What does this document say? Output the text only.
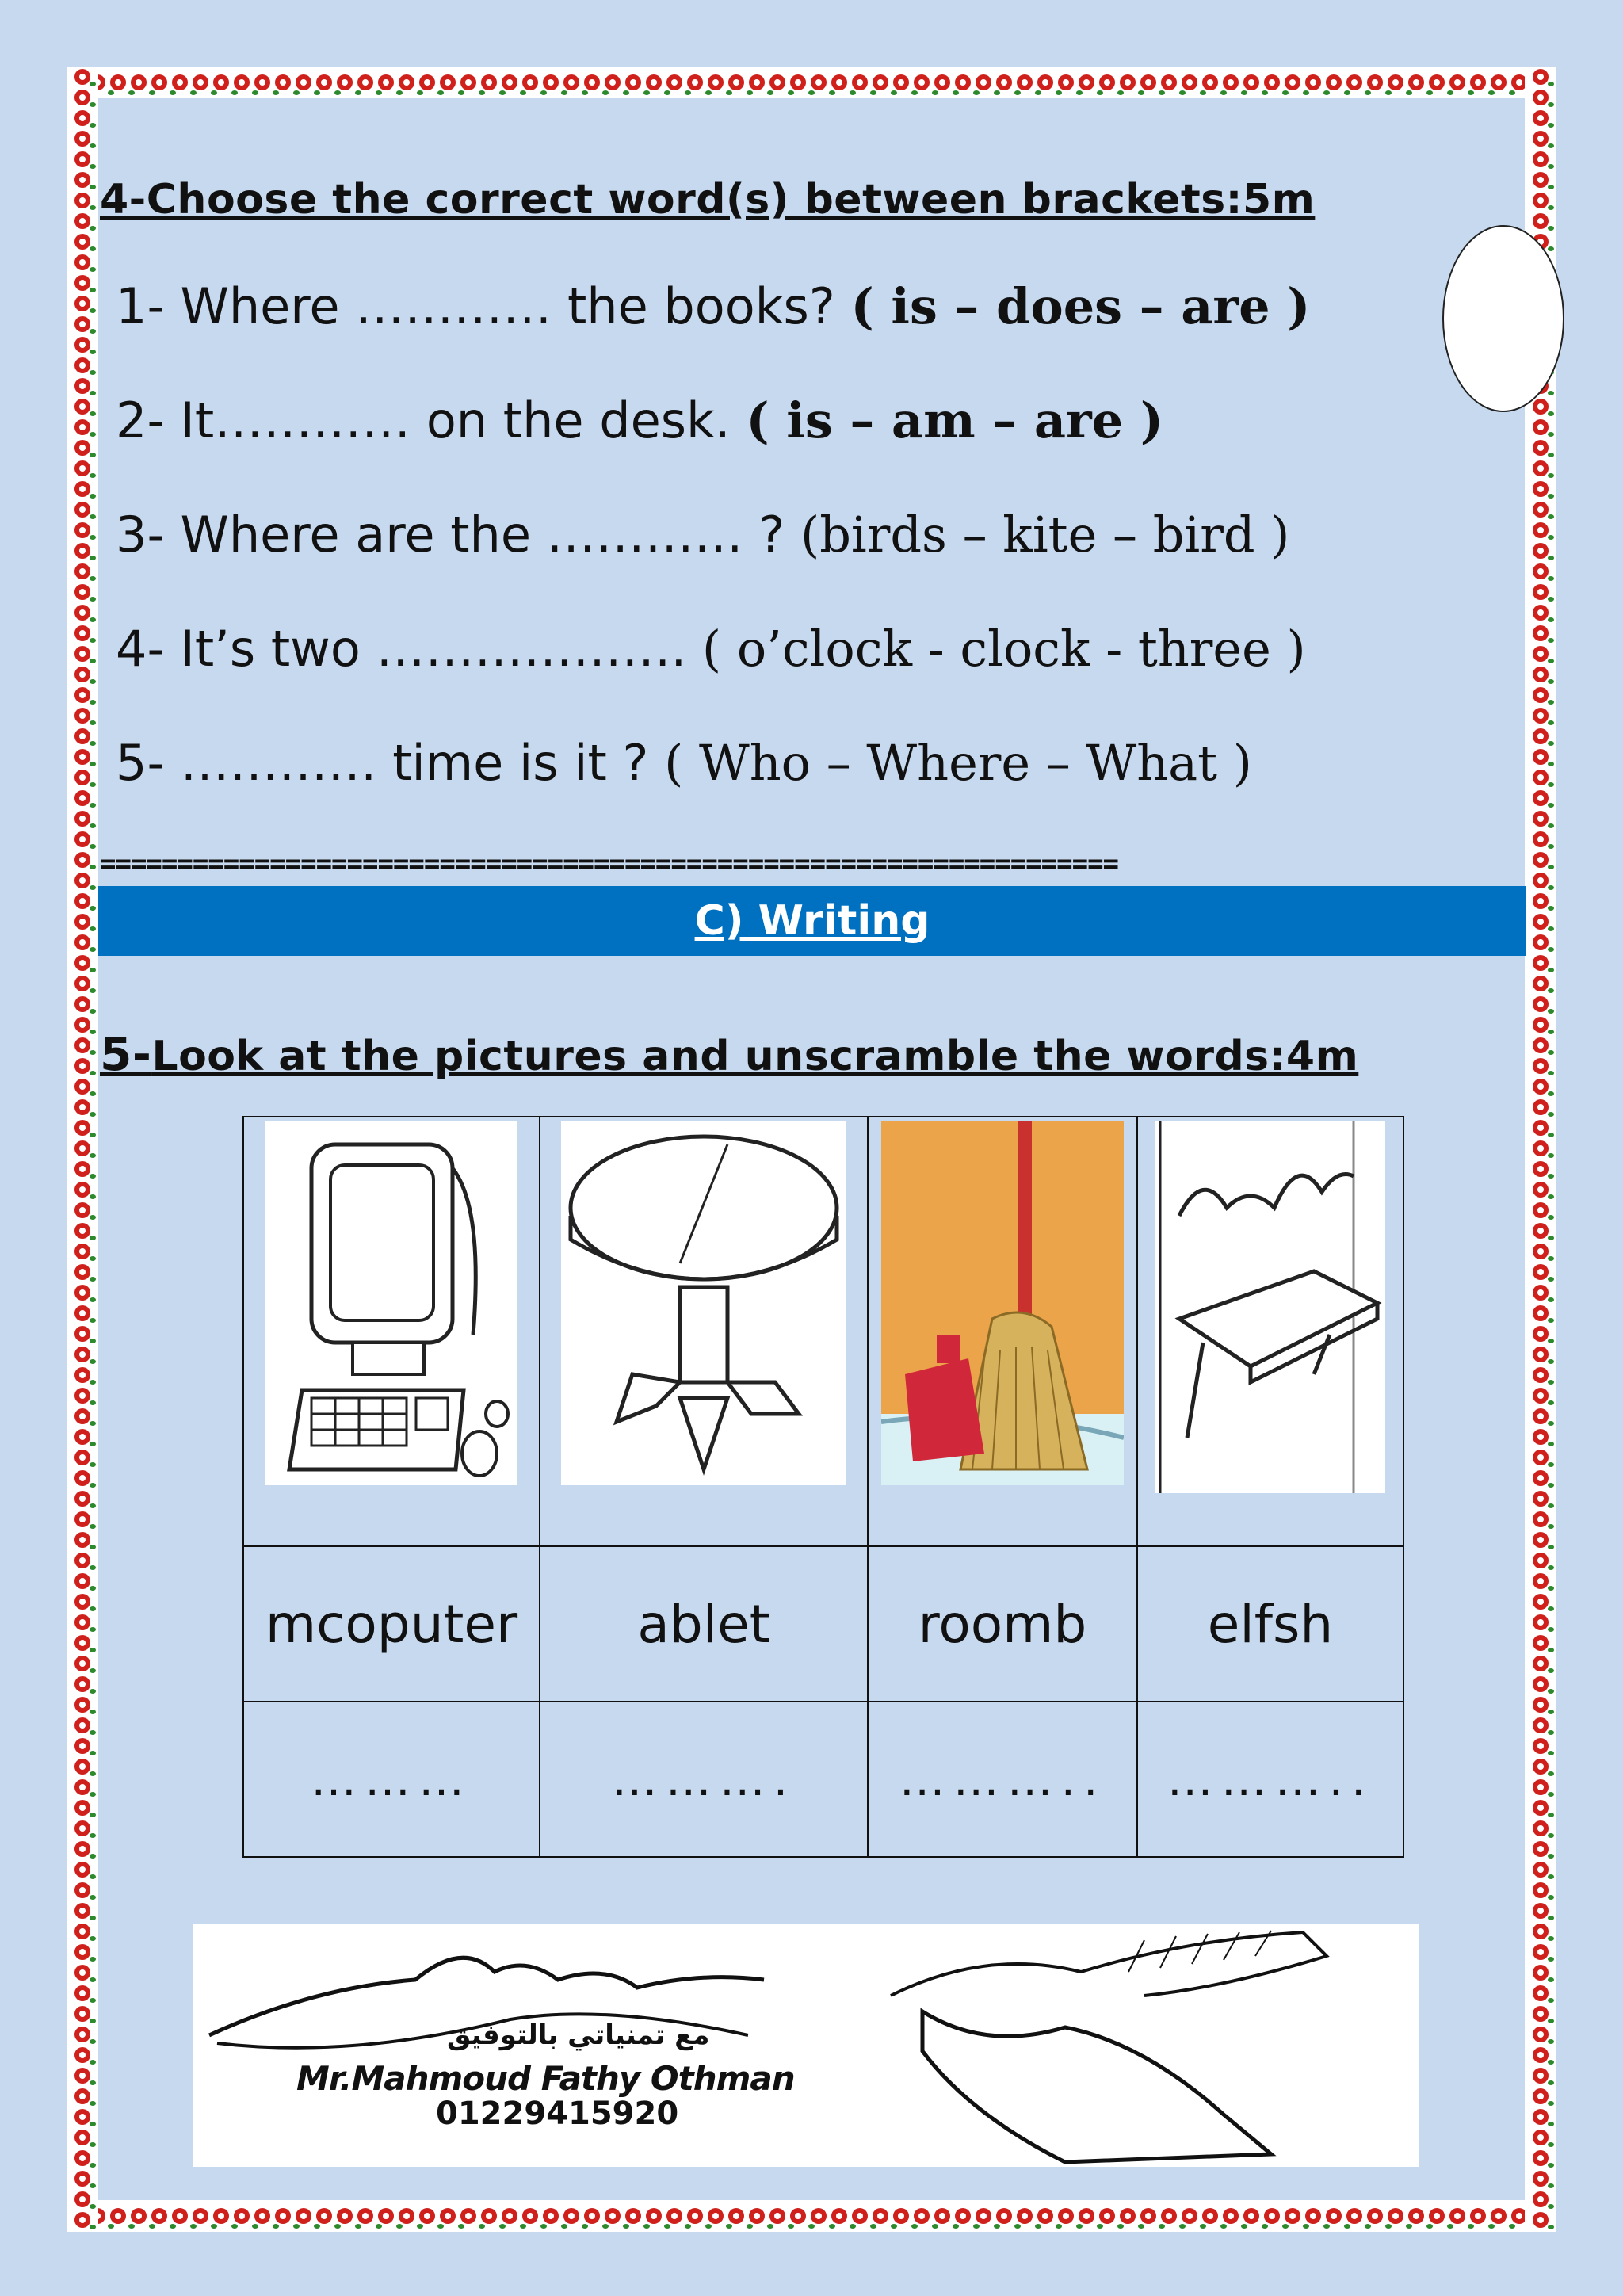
4-Choose the correct word(s) between brackets:5m
1- Where ………… the books? ( is – does – are )
2- It………… on the desk. ( is – am – are )
3- Where are the ………… ? (birds – kite – bird )
4- It’s two ………………. ( o’clock - clock - three )
5- ………… time is it ? ( Who – Where – What )
==================================================================
C) Writing
5-Look at the pictures and unscramble the words:4m

mcoputer	ablet	roomb	elfsh
………	……….	………..	………..
مع تمنياتي بالتوفيق
Mr.Mahmoud Fathy Othman
01229415920
